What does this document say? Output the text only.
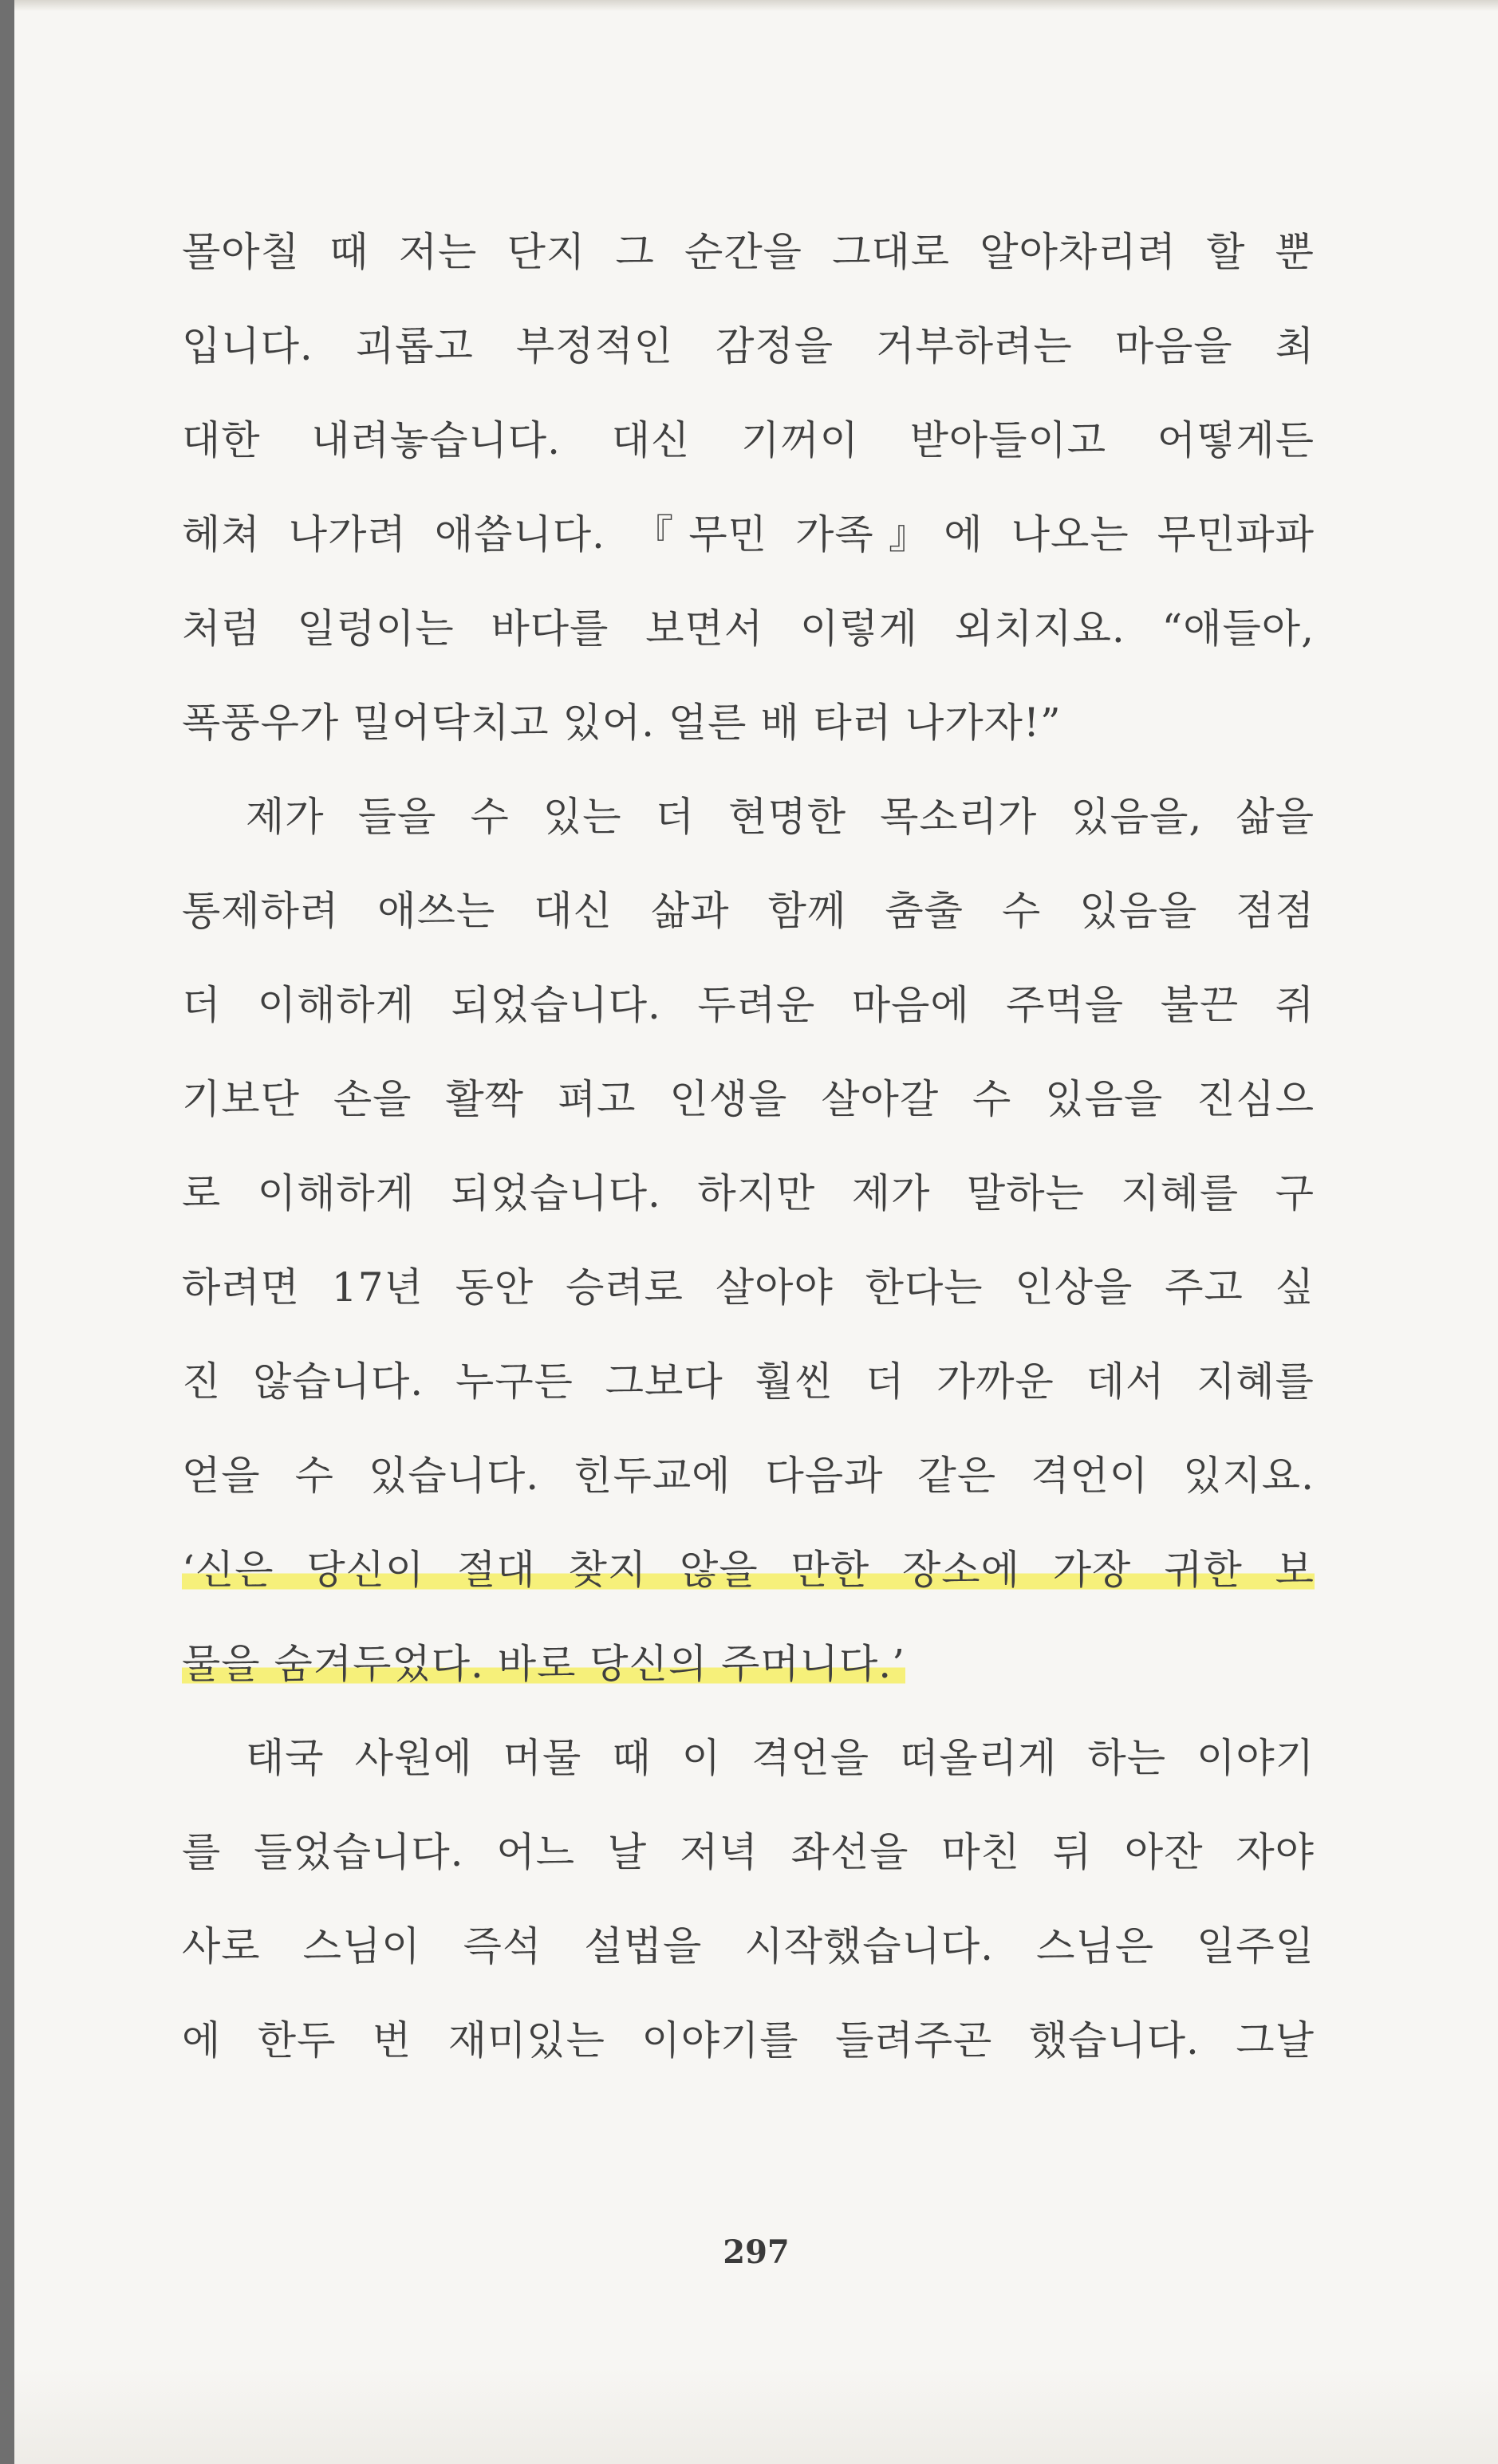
몰아칠 때 저는 단지 그 순간을 그대로 알아차리려 할 뿐
입니다. 괴롭고 부정적인 감정을 거부하려는 마음을 최
대한 내려놓습니다. 대신 기꺼이 받아들이고 어떻게든
헤쳐 나가려 애씁니다. 『무민 가족』에 나오는 무민파파
처럼 일렁이는 바다를 보면서 이렇게 외치지요. “애들아,
폭풍우가 밀어닥치고 있어. 얼른 배 타러 나가자!”
제가 들을 수 있는 더 현명한 목소리가 있음을, 삶을
통제하려 애쓰는 대신 삶과 함께 춤출 수 있음을 점점
더 이해하게 되었습니다. 두려운 마음에 주먹을 불끈 쥐
기보단 손을 활짝 펴고 인생을 살아갈 수 있음을 진심으
로 이해하게 되었습니다. 하지만 제가 말하는 지혜를 구
하려면 17년 동안 승려로 살아야 한다는 인상을 주고 싶
진 않습니다. 누구든 그보다 훨씬 더 가까운 데서 지혜를
얻을 수 있습니다. 힌두교에 다음과 같은 격언이 있지요.
‘신은 당신이 절대 찾지 않을 만한 장소에 가장 귀한 보
물을 숨겨두었다. 바로 당신의 주머니다.’
태국 사원에 머물 때 이 격언을 떠올리게 하는 이야기
를 들었습니다. 어느 날 저녁 좌선을 마친 뒤 아잔 자야
사로 스님이 즉석 설법을 시작했습니다. 스님은 일주일
에 한두 번 재미있는 이야기를 들려주곤 했습니다. 그날
297
